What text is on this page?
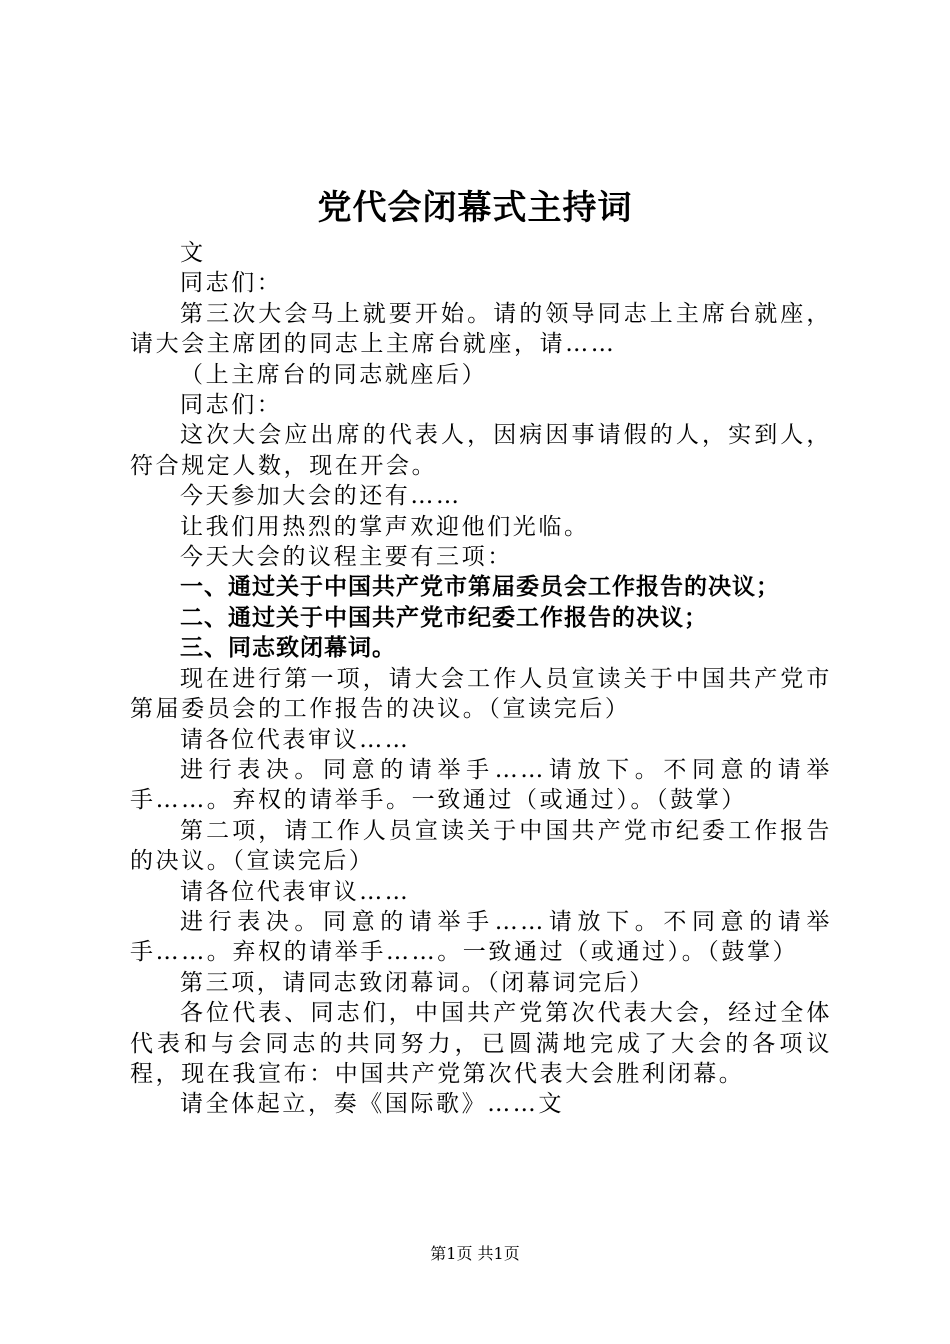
党代会闭幕式主持词

文

同志们：

第三次大会马上就要开始。请的领导同志上主席台就座，请大会主席团的同志上主席台就座，请……

（上主席台的同志就座后）

同志们：

这次大会应出席的代表人，因病因事请假的人，实到人，符合规定人数，现在开会。

今天参加大会的还有……

让我们用热烈的掌声欢迎他们光临。

今天大会的议程主要有三项：

一、通过关于中国共产党市第届委员会工作报告的决议；

二、通过关于中国共产党市纪委工作报告的决议；

三、同志致闭幕词。

现在进行第一项，请大会工作人员宣读关于中国共产党市第届委员会的工作报告的决议。（宣读完后）

请各位代表审议……

进行表决。同意的请举手……请放下。不同意的请举手……。弃权的请举手。一致通过（或通过）。（鼓掌）

第二项，请工作人员宣读关于中国共产党市纪委工作报告的决议。（宣读完后）

请各位代表审议……

进行表决。同意的请举手……请放下。不同意的请举手……。弃权的请举手……。一致通过（或通过）。（鼓掌）

第三项，请同志致闭幕词。（闭幕词完后）

各位代表、同志们，中国共产党第次代表大会，经过全体代表和与会同志的共同努力，已圆满地完成了大会的各项议程，现在我宣布：中国共产党第次代表大会胜利闭幕。

请全体起立，奏《国际歌》……文

第1页 共1页
